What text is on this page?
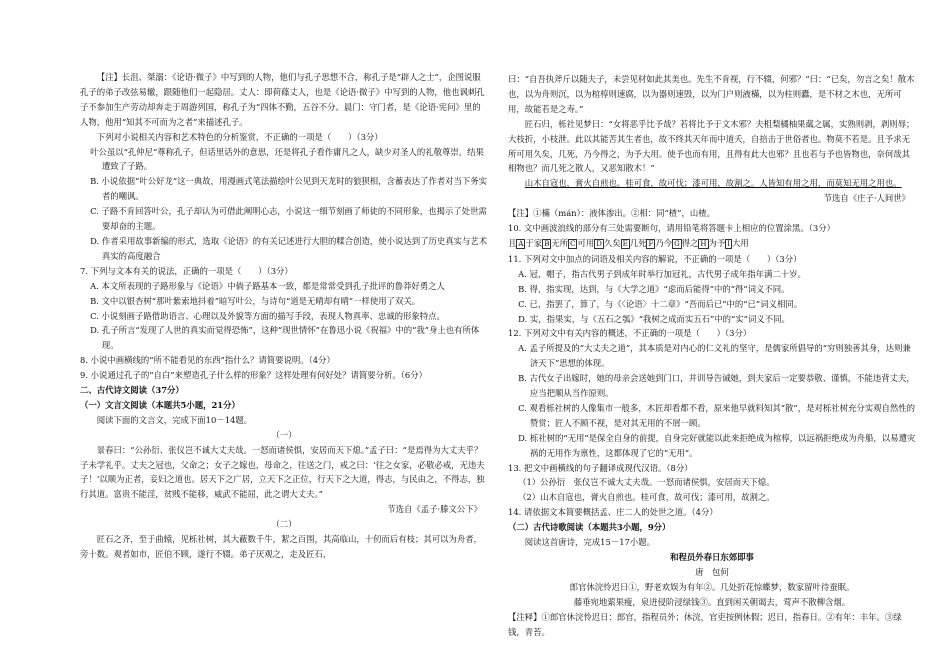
【注】长沮、桀溺：《论语·微子》中写到的人物，他们与孔子思想不合，称孔子是“辟人之士”，企图说服孔子的弟子改弦易辙，跟随他们一起隐居。丈人：即荷蓧丈人，也是《论语·微子》中写到的人物，他也讽刺孔子不参加生产劳动却奔走于周游列国，称孔子为“四体不勤，五谷不分。晨门：守门者，是《论语·宪问》里的人物，他用“知其不可而为之者”来描述孔子。

下列对小说相关内容和艺术特色的分析鉴赏，不正确的一项是（　　）（3分）

叶公虽以“孔仲尼”尊称孔子，但话里话外的意思，还是将孔子看作庸凡之人，缺少对圣人的礼敬尊崇，结果遭致了子路。

B. 小说依据“叶公好龙”这一典故，用漫画式笔法描绘叶公见到天龙时的狼狈相，含蓄表达了作者对当下务实者的嘲讽。

C. 子路不肯回答叶公，孔子却认为可借此阐明心志，小说这一细节刻画了师徒的不同形象，也揭示了处世需要却奋的主题。

D. 作者采用故事新编的形式，选取《论语》的有关记述进行大胆的糅合创造，使小说达到了历史真实与艺术真实的高度融合

7. 下列与文本有关的说法，正确的一项是（　　）（3分）

A. 本文所表现的子路形象与《论语》中倘子路基本一致，都是常常受到孔子批评的鲁莽好勇之人

B. 文中以银杏树“那叶紫索地抖着”暗写叶公，与诗句“道是无晴却有晴”一样使用了双关。

C. 小说刻画子路借助语言、心理以及外貌等方面的描写手段，表现人物真率、忠诚的形象特点。

D. 孔子所言“发现了人世的真实而觉得恐怖”，这种“现世情怀”在鲁迅小说《祝福》中的“我”身上也有所体现。

8. 小说中画横线的“所不能看见的东西”指什么？请简要说明。（4分）

9. 小说通过孔子的“自白”来塑造孔子什么样的形象？这样处理有何好处？请简要分析。（6分）

二、古代诗文阅读（37分）

（一）文言文阅读（本题共5小题，21分）

阅读下面的文言文，完成下面10－14题。

（一）

景春曰：“公孙衍、张仪岂不诚大丈夫哉。一怒而诸侯惧，安居而天下熄。”孟子曰：“是焉得为大丈夫乎？子未学礼乎。丈夫之冠也，父命之；女子之嫁也，母命之，往送之门，戒之曰：‘往之女家，必敬必戒，无违夫子！’以顺为正者，妾妇之道也。居天下之广居，立天下之正位，行天下之大道，得志，与民由之，不得志，独行其道。富贵不能淫，贫贱不能移，威武不能屈，此之谓大丈夫。”

节选自《孟子·滕文公下》

（二）

匠石之齐，至于曲辕，见栎社树，其大蔽数千牛，絜之百围，其高临山，十仞而后有枝；其可以为舟者，旁十数。观者如市，匠伯不顾，遂行不辍。弟子厌观之，走及匠石，

曰：“自吾执斧斤以随夫子，未尝见材如此其美也。先生不肯视，行不辍，何邪？”曰：“已矣，勿言之矣！散木也，以为舟则沉，以为棺椁则速腐，以为器则速毁，以为门户则液樠，以为柱则蠹，是不材之木也，无所可用，故能若是之寿。”

匠石归，栎社见梦曰：“女将恶乎比予哉？若将比予于文木邪？夫柤梨橘柚果蓏之属，实熟则剥，剥则辱；大枝折，小枝泄。此以其能苦其生者也，故不终其天年而中道夭，自掊击于世俗者也。物莫不若是。且予求无所可用久矣，几死，乃今得之，为予大用。使予也而有用，且得有此大也邪？且也若与予也皆物也，奈何哉其相物也？而几死之散人，又恶知散木！”

山木自寇也，膏火自煎也。桂可食，故可伐；漆可用，故割之。人皆知有用之用，而莫知无用之用也。

节选自《庄子·人间世》

【注】①樠（mán）：液体渗出。②相：同“楂”，山楂。

10. 文中画波浪线的部分有三处需要断句，请用铅笔将答题卡上相应的位置涂黑。（3分）

且 A 于家 B 无所 C 可用 D 久矣 E 几死 F 乃今 G 得之 H 为予 I 大用

11. 下列对文中加点的词语及相关内容的解说，不正确的一项是（　　）（3分）

A. 冠，帽子，指古代男子到成年时举行加冠礼，古代男子成年指年满二十岁。

B. 得，指实现，达到，与《大学之道》“虑而后能得”中的“得”词义不同。

C. 已，指罢了，算了，与《〈论语〉十二章》“吾而后已”中的“已”词义相同。

D. 实，指果实，与《五石之瓠》“我树之成而实五石”中的“实”词义不同。

12. 下列对文中有关内容的概述，不正确的一项是（　　）（3分）

A. 孟子所提及的“大丈夫之道”，其本质是对内心的仁义礼的坚守，是儒家所倡导的“穷则独善其身，达则兼济天下”思想的体现。

B. 古代女子出嫁时，她的母亲会送她到门口，并训导告诫她，到夫家后一定要恭敬、谨慎，不能违背丈夫，应当把顺从当作原则。

C. 观看栎社树的人像集市一般多，木匠却看都不看，原来他早就料知其“散”，是对栎社树充分实观自然性的赞赏；匠人不顾不视，是对其无用的不屑一顾。

D. 栎社树的“无用”是保全自身的前提，自身完好就能以此来拒绝成为棺椁，以远祸拒绝成为舟船，以易遭灾祸的无用作为禀性，这都体现了它的“无用”。

13. 把文中画横线的句子翻译成现代汉语。（8分）

（1）公孙衍　张仪岂不诚大丈夫哉。一怒而诸侯惧，安居而天下熄。

（2）山木自寇也，膏火自煎也。桂可食，故可伐；漆可用，故割之。

14. 请依据文本简要概括孟、庄二人的处世之道。（4分）

（二）古代诗歌阅读（本题共3小题，9分）

阅读这首唐诗，完成15－17小题。

和程员外春日东郊即事

唐　包何

郎官休浣怜迟日①，野老欢娱为有年②。几处折花惊蝶梦，数家留叶待蚕眠。

藤垂宛地萦果瘦，泉迸侵阶浸绿钱③。直到闲关朝谒去，莺声不散柳含烟。

【注释】①郎官休浣怜迟日：郎官，指程员外；休浣，官吏按例休假；迟日，指春日。②有年：丰年。③绿钱，青苔。
